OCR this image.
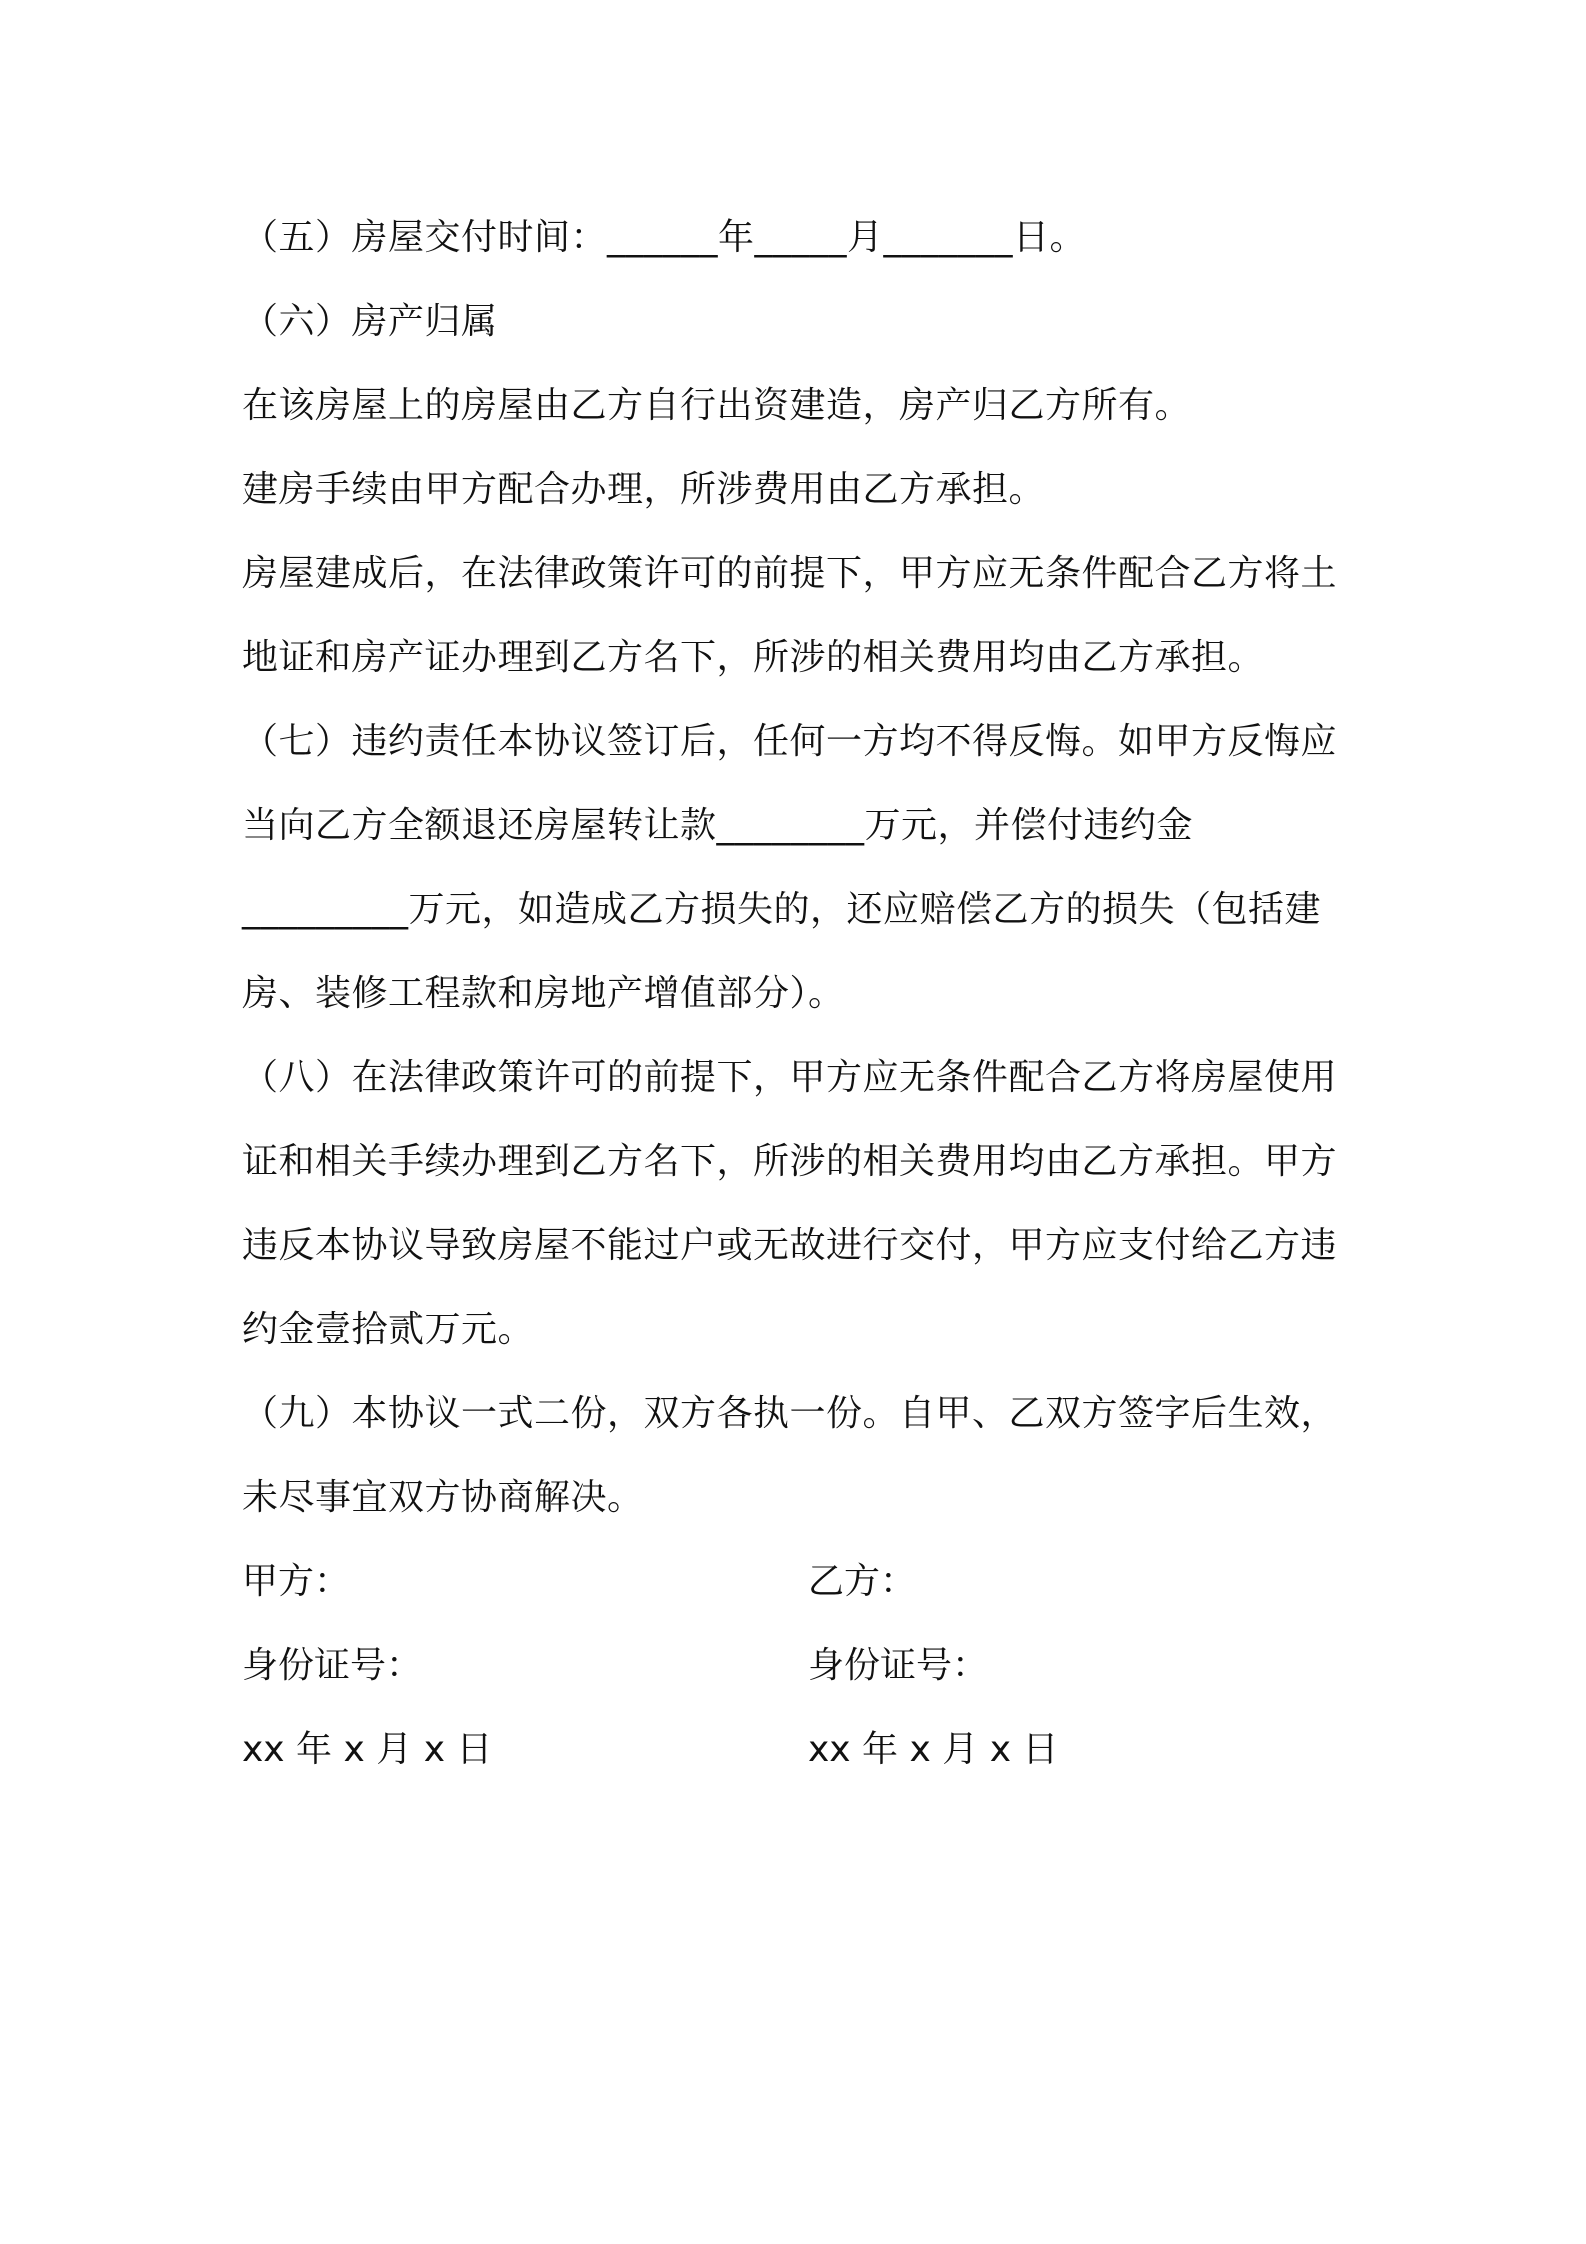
（五）房屋交付时间：______年_____月_______日。
（六）房产归属
在该房屋上的房屋由乙方自行出资建造，房产归乙方所有。
建房手续由甲方配合办理，所涉费用由乙方承担。
房屋建成后，在法律政策许可的前提下，甲方应无条件配合乙方将土
地证和房产证办理到乙方名下，所涉的相关费用均由乙方承担。
（七）违约责任本协议签订后，任何一方均不得反悔。如甲方反悔应
当向乙方全额退还房屋转让款________万元，并偿付违约金
_________万元，如造成乙方损失的，还应赔偿乙方的损失（包括建
房、装修工程款和房地产增值部分）。
（八）在法律政策许可的前提下，甲方应无条件配合乙方将房屋使用
证和相关手续办理到乙方名下，所涉的相关费用均由乙方承担。甲方
违反本协议导致房屋不能过户或无故进行交付，甲方应支付给乙方违
约金壹拾贰万元。
（九）本协议一式二份，双方各执一份。自甲、乙双方签字后生效，
未尽事宜双方协商解决。
甲方：	乙方：
身份证号：	身份证号：
xx 年 x 月 x 日	xx 年 x 月 x 日
